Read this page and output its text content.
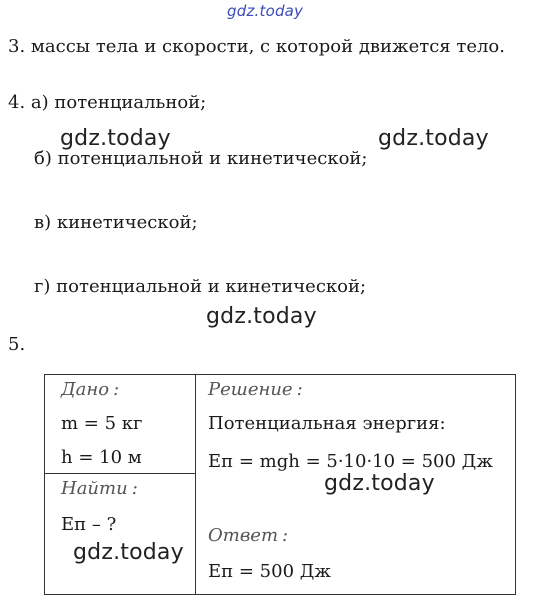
gdz.today
3. массы тела и скорости, с которой движется тело.
4. а) потенциальной;
gdz.today	gdz.today
б) потенциальной и кинетической;
в) кинетической;
г) потенциальной и кинетической;
gdz.today
5.
Дано :
m = 5 кг
h = 10 м

Решение :
Потенциальная энергия:
Eп = mgh = 5·10·10 = 500 Дж
gdz.today
Ответ :
Eп = 500 Дж

Найти :
Eп – ?
gdz.today
